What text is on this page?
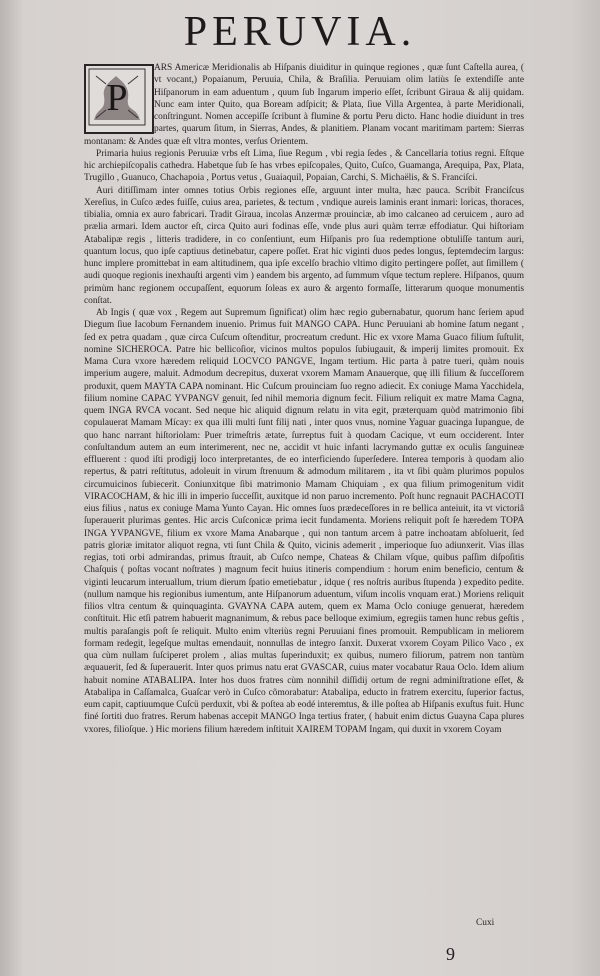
PERUVIA.

ARS Americæ Meridionalis ab Hiſpanis diuiditur in quinque regiones , quæ ſunt Caſtella aurea, ( vt vocant,) Popaianum, Peruuia, Chila, & Braſilia. Peruuiam olim latiùs ſe extendiſſe ante Hiſpanorum in eam aduentum , quum ſub Ingarum imperio eſſet, ſcribunt Giraua & alij quidam. Nunc eam inter Quito, qua Boream adſpicit; & Plata, ſiue Villa Argentea, à parte Meridionali, conſtringunt. Nomen accepiſſe ſcribunt à flumine & portu Peru dicto. Hanc hodie diuidunt in tres partes, quarum ſitum, in Sierras, Andes, & planitiem. Planam vocant maritimam partem: Sierras montanam: & Andes quæ eſt vltra montes, verſus Orientem.

Primaria huius regionis Peruuiæ vrbs eſt Lima, ſiue Regum , vbi regia ſedes , & Cancellaria totius regni. Eſtque hic archiepiſcopalis cathedra. Habetque ſub ſe has vrbes epiſcopales, Quito, Cuſco, Guamanga, Arequipa, Pax, Plata, Trugillo , Guanuco, Chachapoia , Portus vetus , Guaiaquil, Popaian, Carchi, S. Michaëlis, & S. Franciſci.

Auri ditiſſimam inter omnes totius Orbis regiones eſſe, arguunt inter multa, hæc pauca. Scribit Franciſcus Xereſius, in Cuſco ædes fuiſſe, cuius area, parietes, & tectum , vndique aureis laminis erant inmari: loricas, thoraces, tibialia, omnia ex auro fabricari. Tradit Giraua, incolas Anzermæ prouinciæ, ab imo calcaneo ad ceruicem , auro ad prælia armari. Idem auctor eſt, circa Quito auri fodinas eſſe, vnde plus auri quàm terræ effodiatur. Qui hiſtoriam Atabalipæ regis , litteris tradidere, in co conſentiunt, eum Hiſpanis pro ſua redemptione obtuliſſe tantum auri, quantum locus, quo ipſe captiuus detinebatur, capere poſſet. Erat hic viginti duos pedes longus, ſeptemdecim largus: hunc implere promittebat in eam altitudinem, qua ipſe excelſo brachio vltimo digito pertingere poſſet, aut ſimillem ( audi quoque regionis inexhauſti argenti vim ) eandem bis argento, ad ſummum vſque tectum replere. Hiſpanos, quum primùm hanc regionem occupaſſent, equorum ſoleas ex auro & argento formaſſe, litterarum quoque monumentis conſtat.

Ab Ingis ( quæ vox , Regem aut Supremum ſignificat) olim hæc regio gubernabatur, quorum hanc ſeriem apud Diegum ſiue Iacobum Fernandem inuenio. Primus fuit MANGO CAPA. Hunc Peruuiani ab homine ſatum negant , ſed ex petra quadam , quæ circa Cuſcum oſtenditur, procreatum credunt. Hic ex vxore Mama Guaco filium ſuſtulit, nomine SICHEROCA. Patre hic bellicoſior, vicinos multos populos ſubiugauit, & imperij limites promouit. Ex Mama Cura vxore hæredem reliquid LOCVCO PANGVE, Ingam tertium. Hic parta à patre tueri, quàm nouis imperium augere, maluit. Admodum decrepitus, duxerat vxorem Mamam Anauerque, quę illi filium & ſucceſſorem produxit, quem MAYTA CAPA nominant. Hic Cuſcum prouinciam ſuo regno adiecit. Ex coniuge Mama Yacchidela, filium nomine CAPAC YVPANGV genuit, ſed nihil memoria dignum fecit. Filium reliquit ex matre Mama Cagna, quem INGA RVCA vocant. Sed neque hic aliquid dignum relatu in vita egit, præterquam quòd matrimonio ſibi copulauerat Mamam Mícay: ex qua illi multi ſunt filij nati , inter quos vnus, nomine Yaguar guacinga Iupangue, de quo hanc narrant hiſtoriolam: Puer trimeſtris ætate, ſurreptus fuit à quodam Cacique, vt eum occiderent. Inter conſultandum autem an eum interimerent, nec ne, accidit vt huic infanti lacrymando guttæ ex oculis ſanguineæ effluerent : quod iſti prodigij loco interpretantes, de eo interficiendo ſuperſedere. Interea temporis à quodam alio repertus, & patri reſtitutus, adoleuit in virum ſtrenuum & admodum militarem , ita vt ſibi quàm plurimos populos circumuicinos ſubiecerit. Coniunxitque ſibi matrimonio Mamam Chiquiam , ex qua filium primogenitum vidit VIRACOCHAM, & hic illi in imperio ſucceſſit, auxitque id non paruo incremento. Poſt hunc regnauit PACHACOTI eius filius , natus ex coniuge Mama Yunto Cayan. Hic omnes ſuos prædeceſſores in re bellica anteiuit, ita vt victoriâ ſuperauerit plurimas gentes. Hic arcis Cuſconicæ prima iecit fundamenta. Moriens reliquit poſt ſe hæredem TOPA INGA YVPANGVE, filium ex vxore Mama Anabarque , qui non tantum arcem à patre inchoatam abſoluerit, ſed patris gloriæ imitator aliquot regna, vti ſunt Chila & Quito, vicinis ademerit , imperioque ſuo adiunxerit. Vias illas regias, toti orbi admirandas, primus ſtrauit, ab Cuſco nempe, Chateas & Chilam vſque, quibus paſſim diſpoſitis Chaſquis ( poſtas vocant noſtrates ) magnum fecit huius itineris compendium : horum enim beneficio, centum & viginti leucarum interuallum, trium dierum ſpatio emetiebatur , idque ( res noſtris auribus ſtupenda ) expedito pedite. (nullum namque his regionibus iumentum, ante Hiſpanorum aduentum, viſum incolis vnquam erat.) Moriens reliquit filios vltra centum & quinquaginta. GVAYNA CAPA autem, quem ex Mama Oclo coniuge genuerat, hæredem conſtituit. Hic etſi patrem habuerit magnanimum, & rebus pace belloque eximium, egregiis tamen hunc rebus geſtis , multis paraſangis poſt ſe reliquit. Multo enim vlteriùs regni Peruuiani fines promouit. Rempublicam in meliorem formam redegit, legeſque multas emendauit, nonnullas de integro ſanxit. Duxerat vxorem Coyam Pilico Vaco , ex qua cùm nullam ſuſciperet prolem , alias multas ſuperinduxit; ex quibus, numero filiorum, patrem non tantùm æquauerit, ſed & ſuperauerit. Inter quos primus natu erat GVASCAR, cuius mater vocabatur Raua Oclo. Idem alium habuit nomine ATABALIPA. Inter hos duos fratres cùm nonnihil diſſidij ortum de regni adminiſtratione eſſet, & Atabalipa in Caſſamalca, Guaſcar verò in Cuſco cõmorabatur: Atabalipa, educto in fratrem exercitu, ſuperior factus, eum capit, captiuumque Cuſcü perduxit, vbi & poſtea ab eodé interemtus, & ille poſtea ab Hiſpanis exuſtus fuit. Hunc finé ſortiti duo fratres. Rerum habenas accepit MANGO Inga tertius frater, ( habuit enim dictus Guayna Capa plures vxores, filioſque. ) Hic moriens filium hæredem inſtituit XAIREM TOPAM Ingam, qui duxit in vxorem Coyam

P
Cuxi
9
